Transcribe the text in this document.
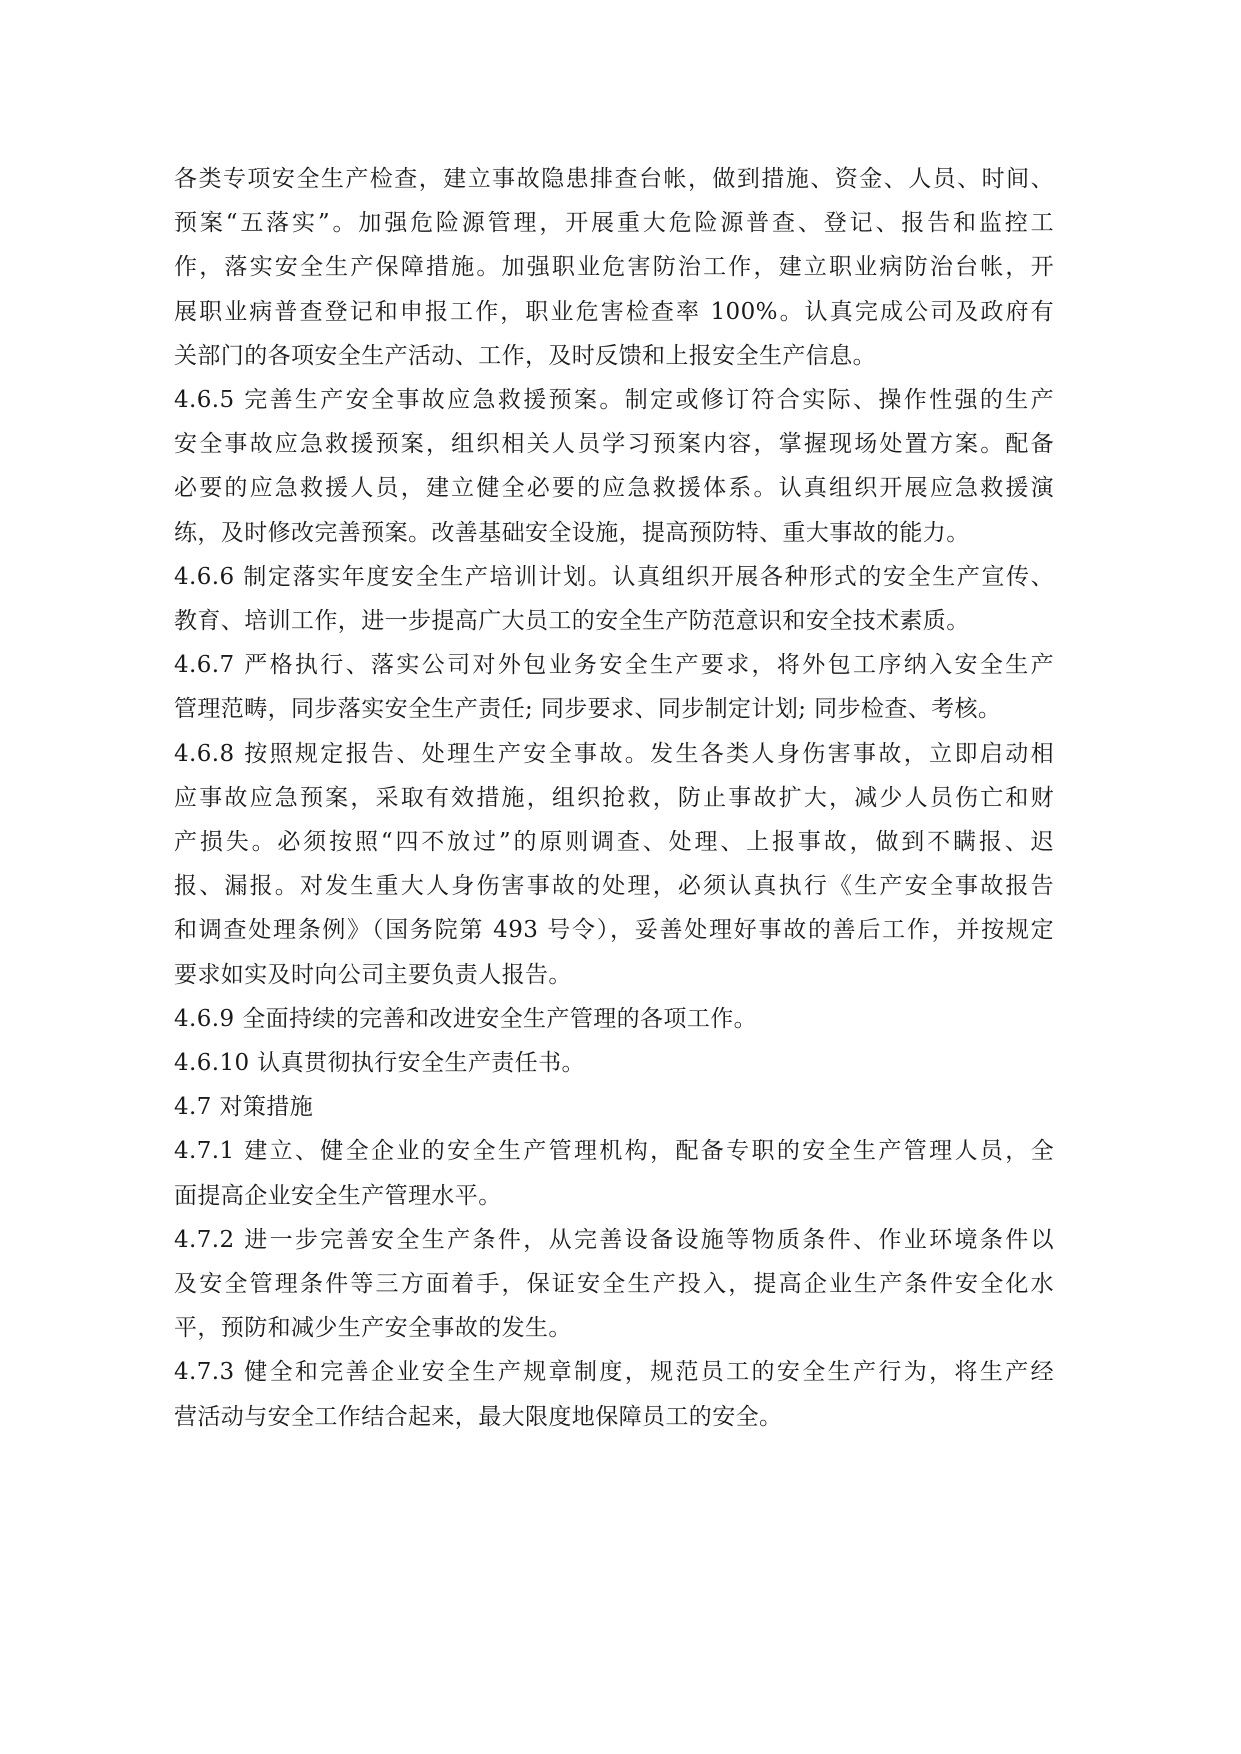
各类专项安全生产检查，建立事故隐患排查台帐，做到措施、资金、人员、时间、
预案“五落实”。加强危险源管理，开展重大危险源普查、登记、报告和监控工
作，落实安全生产保障措施。加强职业危害防治工作，建立职业病防治台帐，开
展职业病普查登记和申报工作，职业危害检查率 100%。认真完成公司及政府有
关部门的各项安全生产活动、工作，及时反馈和上报安全生产信息。
4.6.5 完善生产安全事故应急救援预案。制定或修订符合实际、操作性强的生产
安全事故应急救援预案，组织相关人员学习预案内容，掌握现场处置方案。配备
必要的应急救援人员，建立健全必要的应急救援体系。认真组织开展应急救援演
练，及时修改完善预案。改善基础安全设施，提高预防特、重大事故的能力。
4.6.6 制定落实年度安全生产培训计划。认真组织开展各种形式的安全生产宣传、
教育、培训工作，进一步提高广大员工的安全生产防范意识和安全技术素质。
4.6.7 严格执行、落实公司对外包业务安全生产要求，将外包工序纳入安全生产
管理范畴，同步落实安全生产责任; 同步要求、同步制定计划; 同步检查、考核。
4.6.8 按照规定报告、处理生产安全事故。发生各类人身伤害事故，立即启动相
应事故应急预案，采取有效措施，组织抢救，防止事故扩大，减少人员伤亡和财
产损失。必须按照“四不放过”的原则调查、处理、上报事故，做到不瞒报、迟
报、漏报。对发生重大人身伤害事故的处理，必须认真执行《生产安全事故报告
和调查处理条例》（国务院第 493 号令），妥善处理好事故的善后工作，并按规定
要求如实及时向公司主要负责人报告。
4.6.9 全面持续的完善和改进安全生产管理的各项工作。
4.6.10 认真贯彻执行安全生产责任书。
4.7 对策措施
4.7.1 建立、健全企业的安全生产管理机构，配备专职的安全生产管理人员，全
面提高企业安全生产管理水平。
4.7.2 进一步完善安全生产条件，从完善设备设施等物质条件、作业环境条件以
及安全管理条件等三方面着手，保证安全生产投入，提高企业生产条件安全化水
平，预防和减少生产安全事故的发生。
4.7.3 健全和完善企业安全生产规章制度，规范员工的安全生产行为，将生产经
营活动与安全工作结合起来，最大限度地保障员工的安全。
